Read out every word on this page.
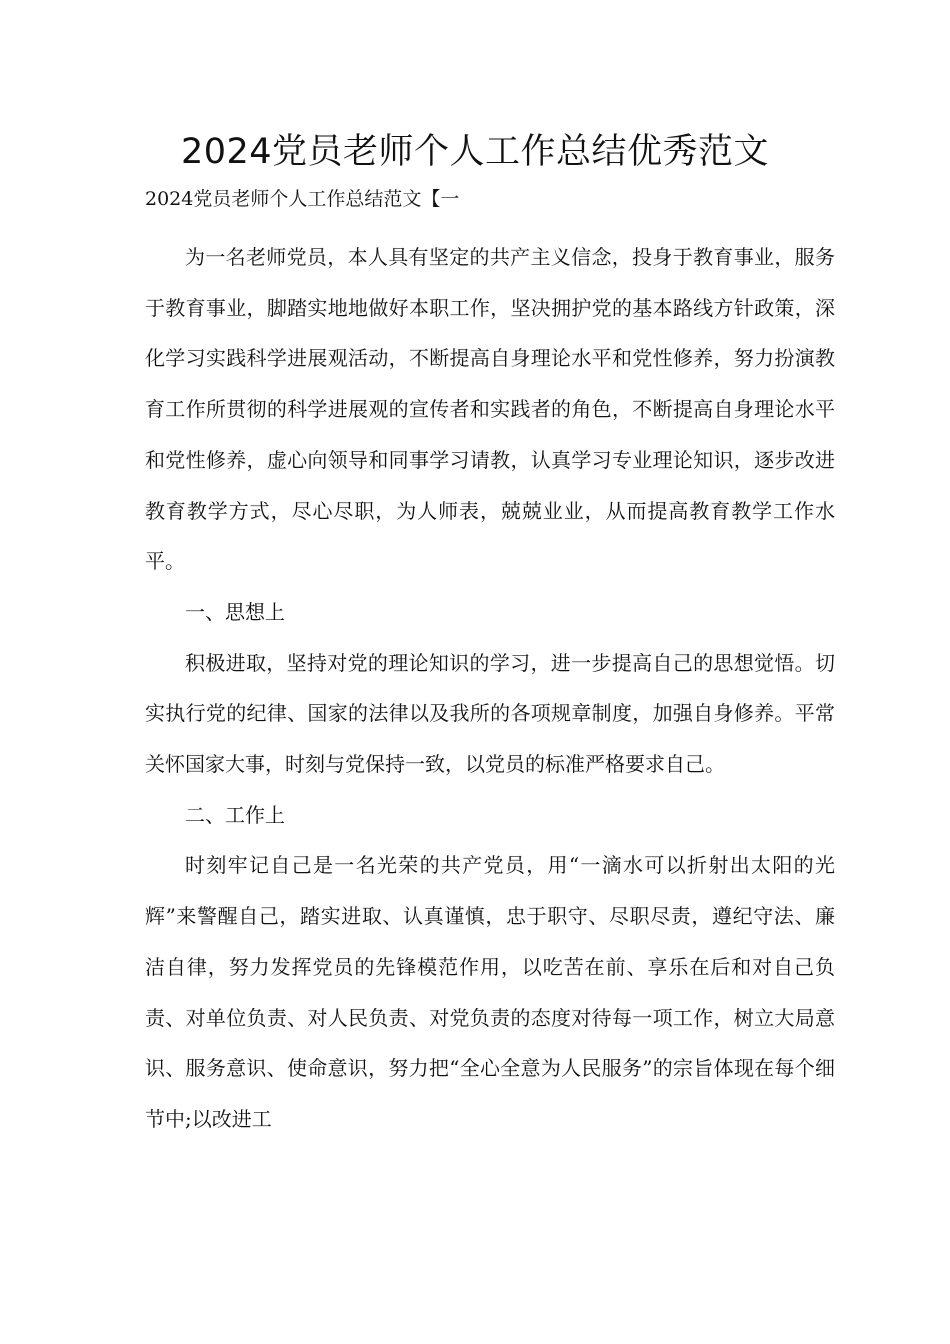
2024党员老师个人工作总结优秀范文

2024党员老师个人工作总结范文【一

为一名老师党员，本人具有坚定的共产主义信念，投身于教育事业，服务于教育事业，脚踏实地地做好本职工作，坚决拥护党的基本路线方针政策，深化学习实践科学进展观活动，不断提高自身理论水平和党性修养，努力扮演教育工作所贯彻的科学进展观的宣传者和实践者的角色，不断提高自身理论水平和党性修养，虚心向领导和同事学习请教，认真学习专业理论知识，逐步改进教育教学方式，尽心尽职，为人师表，兢兢业业，从而提高教育教学工作水平。

一、思想上

积极进取，坚持对党的理论知识的学习，进一步提高自己的思想觉悟。切实执行党的纪律、国家的法律以及我所的各项规章制度，加强自身修养。平常关怀国家大事，时刻与党保持一致，以党员的标准严格要求自己。

二、工作上

时刻牢记自己是一名光荣的共产党员，用“一滴水可以折射出太阳的光辉”来警醒自己，踏实进取、认真谨慎，忠于职守、尽职尽责，遵纪守法、廉洁自律，努力发挥党员的先锋模范作用，以吃苦在前、享乐在后和对自己负责、对单位负责、对人民负责、对党负责的态度对待每一项工作，树立大局意识、服务意识、使命意识，努力把“全心全意为人民服务”的宗旨体现在每个细节中;以改进工
